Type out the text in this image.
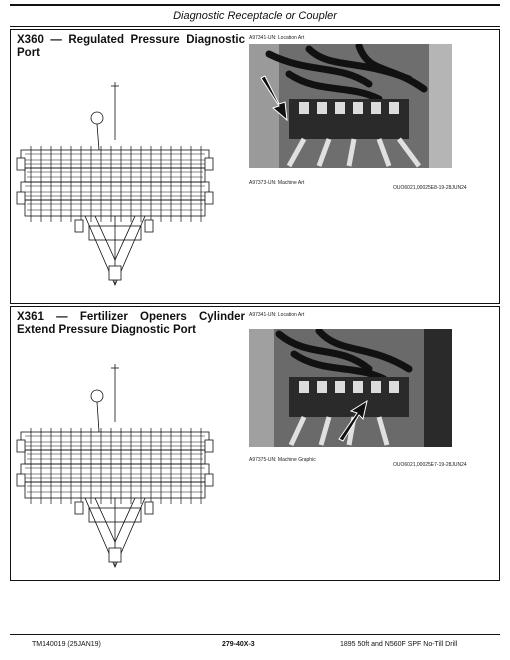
Diagnostic Receptacle or Coupler
X360 — Regulated Pressure Diagnostic
Port
A97341-UN: Location Art
A97373-UN: Machine Art
OUO6021,00025E8-19-28JUN24
X361 — Fertilizer Openers Cylinder
Extend Pressure Diagnostic Port
A97341-UN: Location Art
A97375-UN: Machine Graphic
OUO6021,00025E7-19-28JUN24
TM140019 (25JAN19)	279-40X-3	1895 50ft and N560F SPF No-Till Drill
